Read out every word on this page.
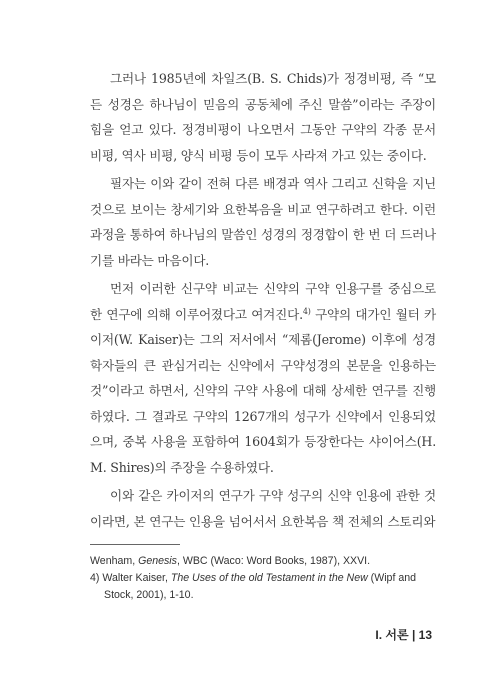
그러나 1985년에 차일즈(B. S. Chids)가 정경비평, 즉 “모든 성경은 하나님이 믿음의 공동체에 주신 말씀”이라는 주장이 힘을 얻고 있다. 정경비평이 나오면서 그동안 구약의 각종 문서 비평, 역사 비평, 양식 비평 등이 모두 사라져 가고 있는 중이다.

필자는 이와 같이 전혀 다른 배경과 역사 그리고 신학을 지닌 것으로 보이는 창세기와 요한복음을 비교 연구하려고 한다. 이런 과정을 통하여 하나님의 말씀인 성경의 정경합이 한 번 더 드러나기를 바라는 마음이다.

먼저 이러한 신구약 비교는 신약의 구약 인용구를 중심으로 한 연구에 의해 이루어졌다고 여겨진다.$^{4)}$ 구약의 대가인 월터 카이저(W. Kaiser)는 그의 저서에서 “제롬(Jerome) 이후에 성경학자들의 큰 관심거리는 신약에서 구약성경의 본문을 인용하는 것”이라고 하면서, 신약의 구약 사용에 대해 상세한 연구를 진행하였다. 그 결과로 구약의 1267개의 성구가 신약에서 인용되었으며, 중복 사용을 포함하여 1604회가 등장한다는 샤이어스(H. M. Shires)의 주장을 수용하였다.

이와 같은 카이저의 연구가 구약 성구의 신약 인용에 관한 것이라면, 본 연구는 인용을 넘어서서 요한복음 책 전체의 스토리와

Wenham, Genesis, WBC (Waco: Word Books, 1987), XXVI.

4) Walter Kaiser, The Uses of the old Testament in the New (Wipf and Stock, 2001), 1-10.

I. 서론 | 13
